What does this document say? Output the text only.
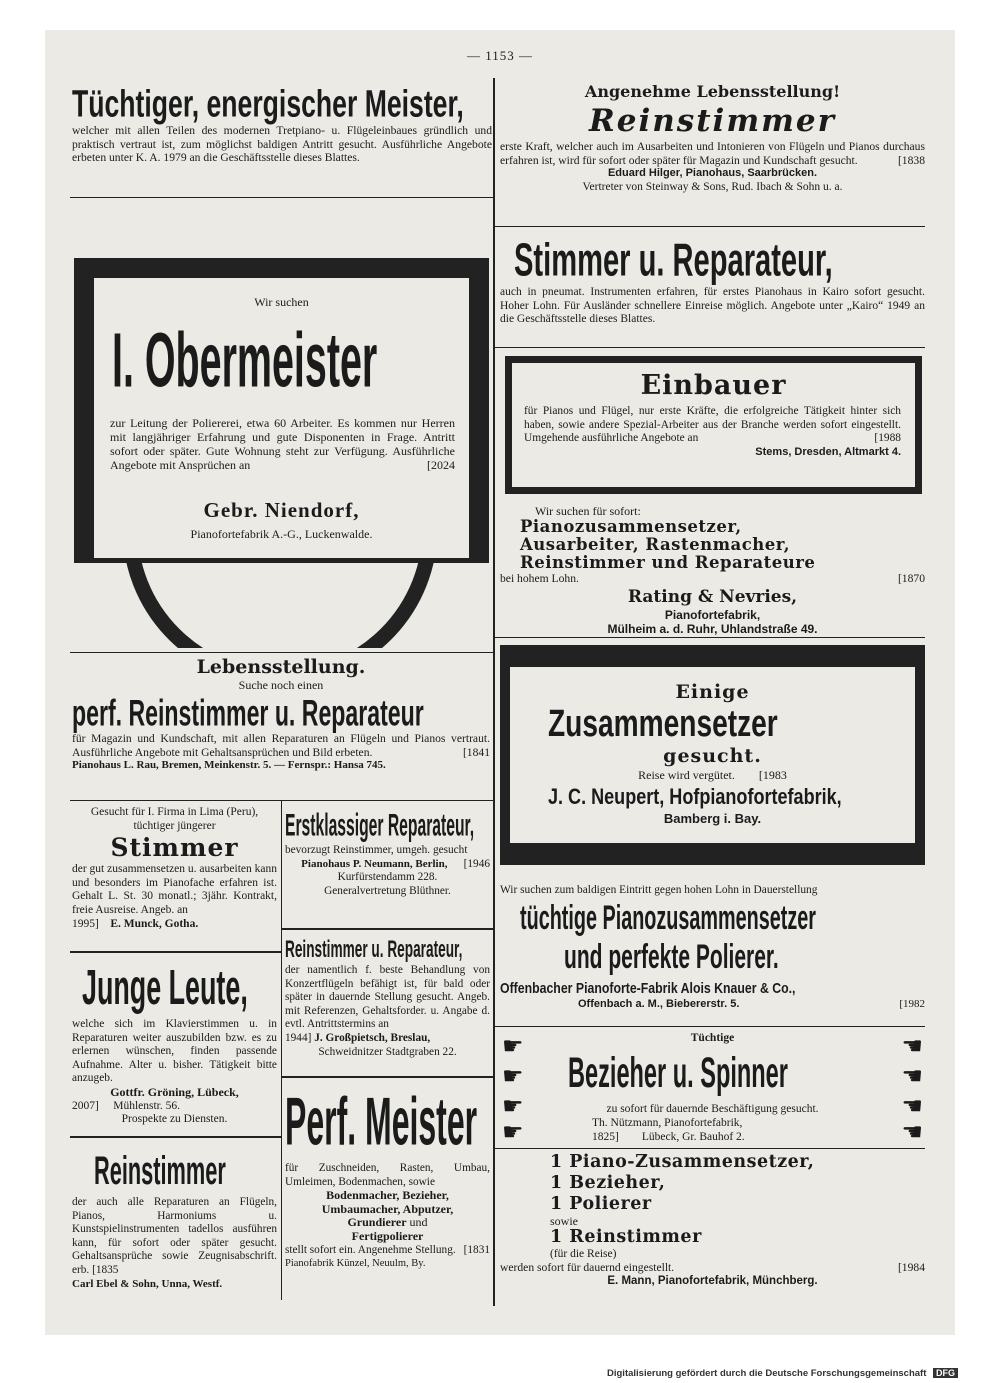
— 1153 —
Tüchtiger, energischer Meister,

welcher mit allen Teilen des modernen Tretpiano- u. Flügeleinbaues gründlich und praktisch vertraut ist, zum möglichst baldigen Antritt gesucht. Ausführliche Angebote erbeten unter K. A. 1979 an die Geschäftsstelle dieses Blattes.

Wir suchen
I. Obermeister

zur Leitung der Poliererei, etwa 60 Arbeiter. Es kommen nur Herren mit langjähriger Erfahrung und gute Disponenten in Frage. Antritt sofort oder später. Gute Wohnung steht zur Verfügung. Ausführliche Angebote mit Ansprüchen an	[2024

Gebr. Niendorf,
Pianofortefabrik A.-G., Luckenwalde.
Lebensstellung.
Suche noch einen
perf. Reinstimmer u. Reparateur

für Magazin und Kundschaft, mit allen Reparaturen an Flügeln und Pianos vertraut. Ausführliche Angebote mit Gehaltsansprüchen und Bild erbeten.	[1841

Pianohaus L. Rau, Bremen, Meinkenstr. 5. — Fernspr.: Hansa 745.

Gesucht für I. Firma in Lima (Peru), tüchtiger jüngerer

Stimmer

der gut zusammensetzen u. ausarbeiten kann und besonders im Pianofache erfahren ist. Gehalt L. St. 30 monatl.; 3jähr. Kontrakt, freie Ausreise. Angeb. an

1995] E. Munck, Gotha.

Junge Leute,

welche sich im Klavierstimmen u. in Reparaturen weiter auszubilden bzw. es zu erlernen wünschen, finden passende Aufnahme. Alter u. bisher. Tätigkeit bitte anzugeb.

Gottfr. Gröning, Lübeck,

2007] Mühlenstr. 56.

Prospekte zu Diensten.

Reinstimmer

der auch alle Reparaturen an Flügeln, Pianos, Harmoniums u. Kunstspielinstrumenten tadellos ausführen kann, für sofort oder später gesucht. Gehaltsansprüche sowie Zeugnisabschrift. erb. [1835

Carl Ebel & Sohn, Unna, Westf.

Erstklassiger Reparateur,

bevorzugt Reinstimmer, umgeh. gesucht
[1946

Pianohaus P. Neumann, Berlin,

Kurfürstendamm 228.

Generalvertretung Blüthner.

Reinstimmer u. Reparateur,

der namentlich f. beste Behandlung von Konzertflügeln befähigt ist, für bald oder später in dauernde Stellung gesucht. Angeb. mit Referenzen, Gehaltsforder. u. Angabe d. evtl. Antrittstermins an

1944] J. Großpietsch, Breslau,

Schweidnitzer Stadtgraben 22.

Perf. Meister

für Zuschneiden, Rasten, Umbau, Umleimen, Bodenmachen, sowie

Bodenmacher, Bezieher,

Umbaumacher, Abputzer,

Grundierer und

Fertigpolierer

stellt sofort ein. Angenehme Stellung. [1831

Pianofabrik Künzel, Neuulm, By.

Angenehme Lebensstellung!
Reinstimmer

erste Kraft, welcher auch im Ausarbeiten und Intonieren von Flügeln und Pianos durchaus erfahren ist, wird für sofort oder später für Magazin und Kundschaft gesucht.	[1838

Eduard Hilger, Pianohaus, Saarbrücken.

Vertreter von Steinway & Sons, Rud. Ibach & Sohn u. a.

Stimmer u. Reparateur,

auch in pneumat. Instrumenten erfahren, für erstes Pianohaus in Kairo sofort gesucht. Hoher Lohn. Für Ausländer schnellere Einreise möglich. Angebote unter „Kairo“ 1949 an die Geschäftsstelle dieses Blattes.

Einbauer

für Pianos und Flügel, nur erste Kräfte, die erfolgreiche Tätigkeit hinter sich haben, sowie andere Spezial-Arbeiter aus der Branche werden sofort eingestellt. Umgehende ausführliche Angebote an	[1988

Stems, Dresden, Altmarkt 4.

Wir suchen für sofort:
Pianozusammensetzer,
Ausarbeiter, Rastenmacher,
Reinstimmer und Reparateure

bei hohem Lohn.	[1870

Rating & Nevries,
Pianofortefabrik,
Mülheim a. d. Ruhr, Uhlandstraße 49.
Einige
Zusammensetzer
gesucht.
Reise wird vergütet. [1983
J. C. Neupert, Hofpianofortefabrik,
Bamberg i. Bay.

Wir suchen zum baldigen Eintritt gegen hohen Lohn in Dauerstellung

tüchtige Pianozusammensetzer
und perfekte Polierer.
Offenbacher Pianoforte-Fabrik Alois Knauer & Co.,

Offenbach a. M., Biebererstr. 5.	[1982

☛
☛
☛
☛
☚
☚
☚
☚
Tüchtige
Bezieher u. Spinner
zu sofort für dauernde Beschäftigung gesucht.
Th. Nützmann, Pianofortefabrik,
1825] Lübeck, Gr. Bauhof 2.
1 Piano-Zusammensetzer,
1 Bezieher,
1 Polierer
sowie
1 Reinstimmer
(für die Reise)

werden sofort für dauernd eingestellt.	[1984

E. Mann, Pianofortefabrik, Münchberg.

Digitalisierung gefördert durch die Deutsche Forschungsgemeinschaft DFG
